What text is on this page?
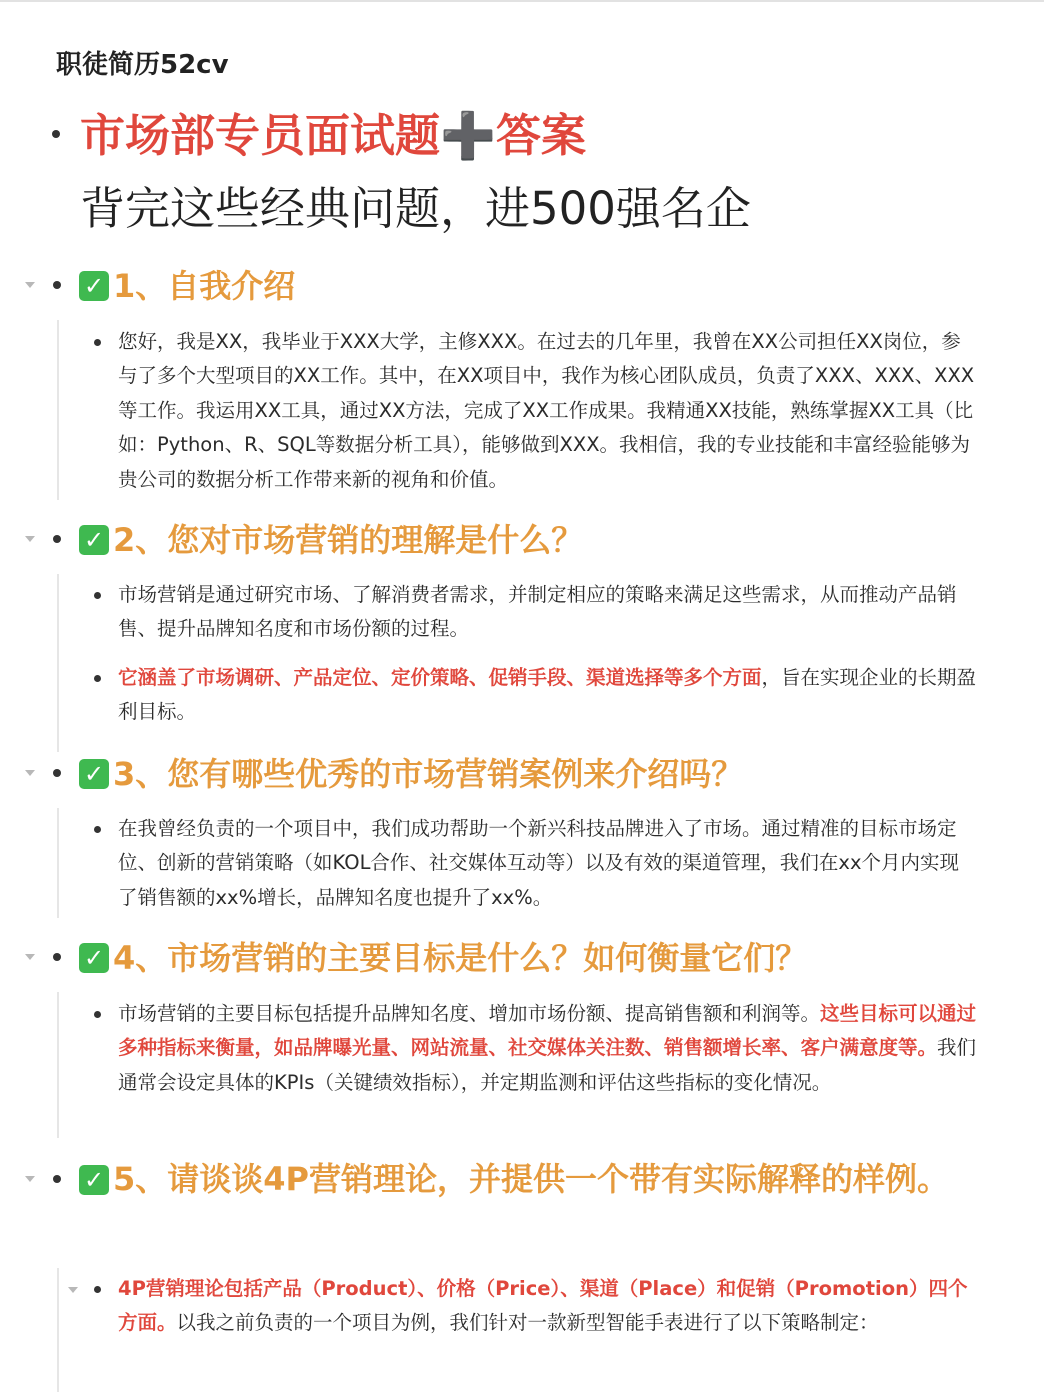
职徒简历52cv
市场部专员面试题➕答案
背完这些经典问题，进500强名企
✓ 1、自我介绍
您好，我是XX，我毕业于XXX大学，主修XXX。在过去的几年里，我曾在XX公司担任XX岗位，参与了多个大型项目的XX工作。其中，在XX项目中，我作为核心团队成员，负责了XXX、XXX、XXX等工作。我运用XX工具，通过XX方法，完成了XX工作成果。我精通XX技能，熟练掌握XX工具（比如：Python、R、SQL等数据分析工具），能够做到XXX。我相信，我的专业技能和丰富经验能够为贵公司的数据分析工作带来新的视角和价值。
✓ 2、您对市场营销的理解是什么？
市场营销是通过研究市场、了解消费者需求，并制定相应的策略来满足这些需求，从而推动产品销售、提升品牌知名度和市场份额的过程。
它涵盖了市场调研、产品定位、定价策略、促销手段、渠道选择等多个方面，旨在实现企业的长期盈利目标。
✓ 3、您有哪些优秀的市场营销案例来介绍吗？
在我曾经负责的一个项目中，我们成功帮助一个新兴科技品牌进入了市场。通过精准的目标市场定位、创新的营销策略（如KOL合作、社交媒体互动等）以及有效的渠道管理，我们在xx个月内实现了销售额的xx%增长，品牌知名度也提升了xx%。
✓ 4、市场营销的主要目标是什么？如何衡量它们？
市场营销的主要目标包括提升品牌知名度、增加市场份额、提高销售额和利润等。这些目标可以通过多种指标来衡量，如品牌曝光量、网站流量、社交媒体关注数、销售额增长率、客户满意度等。我们通常会设定具体的KPIs（关键绩效指标），并定期监测和评估这些指标的变化情况。
✓ 5、请谈谈4P营销理论，并提供一个带有实际解释的样例。
4P营销理论包括产品（Product）、价格（Price）、渠道（Place）和促销（Promotion）四个方面。以我之前负责的一个项目为例，我们针对一款新型智能手表进行了以下策略制定：
